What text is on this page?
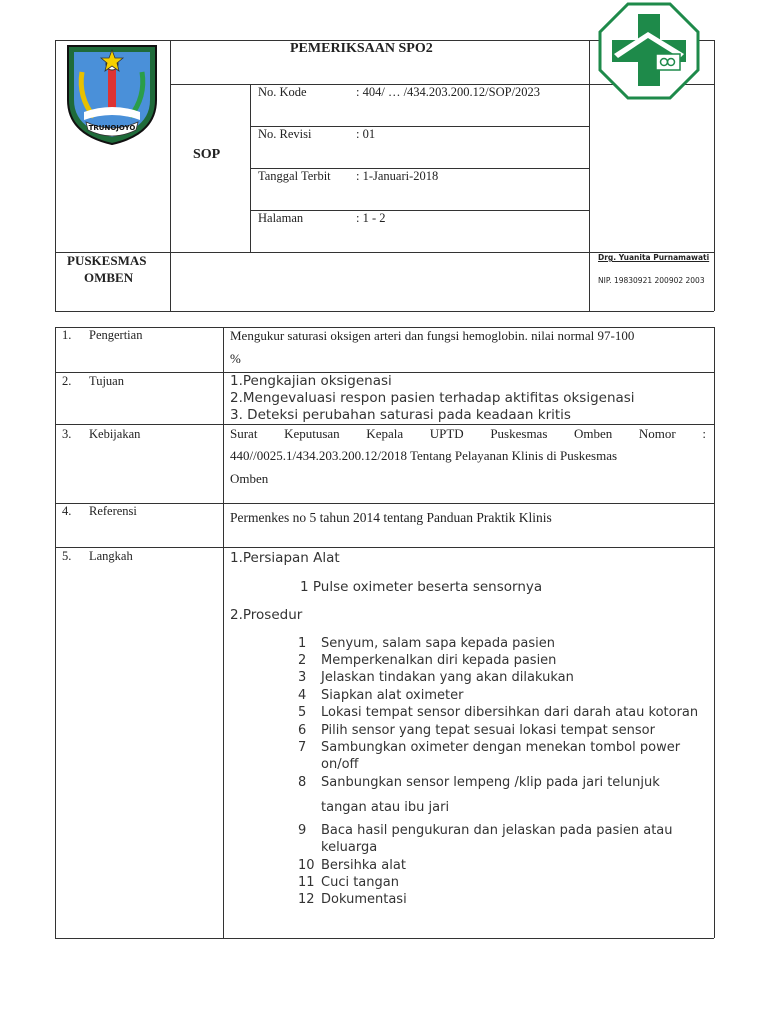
TRUNOJOYO
PEMERIKSAAN SPO2
SOP
No. Kode	: 404/ … /434.203.200.12/SOP/2023
No. Revisi	: 01
Tanggal Terbit : 1-Januari-2018
Halaman	: 1 - 2
PUSKESMAS
OMBEN
Drg. Yuanita Purnamawati
NIP. 19830921 200902 2003
1. Pengertian	Mengukur saturasi oksigen arteri dan fungsi hemoglobin. nilai normal 97-100
%
2. Tujuan	1.Pengkajian oksigenasi
2.Mengevaluasi respon pasien terhadap aktifitas oksigenasi
3. Deteksi perubahan saturasi pada keadaan kritis
3. Kebijakan	Surat Keputusan Kepala UPTD Puskesmas Omben Nomor :
440//0025.1/434.203.200.12/2018 Tentang Pelayanan Klinis di Puskesmas
Omben
4. Referensi	Permenkes no 5 tahun 2014 tentang Panduan Praktik Klinis
5. Langkah	1.Persiapan Alat
1 Pulse oximeter beserta sensornya
2.Prosedur
1 Senyum, salam sapa kepada pasien
2 Memperkenalkan diri kepada pasien
3 Jelaskan tindakan yang akan dilakukan
4 Siapkan alat oximeter
5 Lokasi tempat sensor dibersihkan dari darah atau kotoran
6 Pilih sensor yang tepat sesuai lokasi tempat sensor
7 Sambungkan oximeter dengan menekan tombol power
on/off
8 Sanbungkan sensor lempeng /klip pada jari telunjuk
tangan atau ibu jari
9 Baca hasil pengukuran dan jelaskan pada pasien atau
keluarga
10 Bersihka alat
11 Cuci tangan
12 Dokumentasi
